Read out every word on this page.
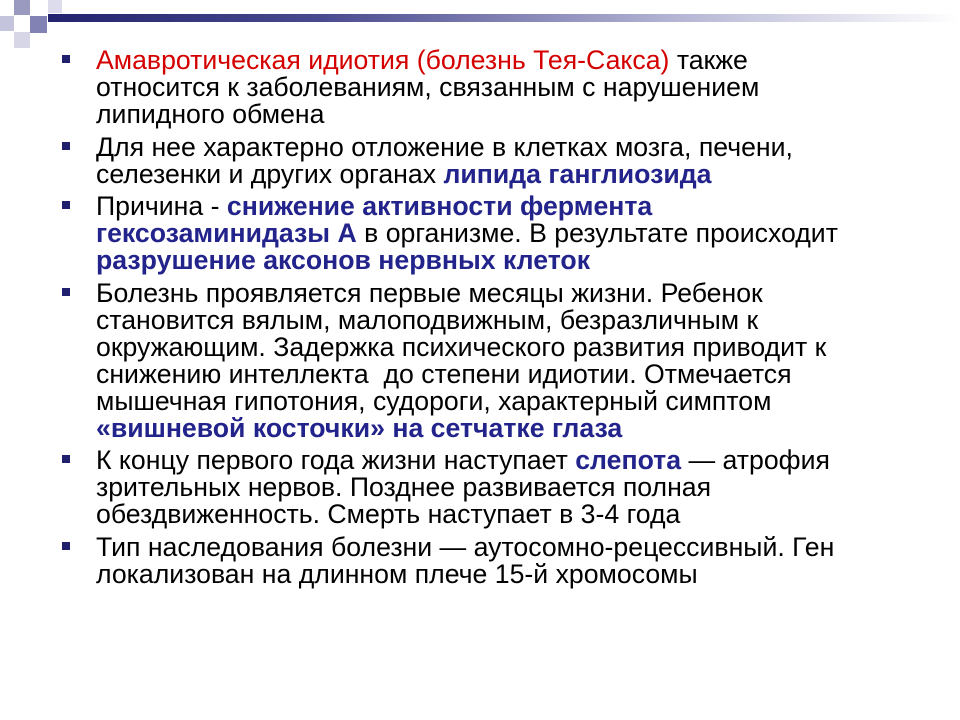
Амавротическая идиотия (болезнь Тея-Сакса) также
относится к заболеваниям, связанным с нарушением
липидного обмена
Для нее характерно отложение в клетках мозга, печени,
селезенки и других органах липида ганглиозида
Причина - снижение активности фермента
гексозаминидазы А в организме. В результате происходит
разрушение аксонов нервных клеток
Болезнь проявляется первые месяцы жизни. Ребенок
становится вялым, малоподвижным, безразличным к
окружающим. Задержка психического развития приводит к
снижению интеллекта  до степени идиотии. Отмечается
мышечная гипотония, судороги, характерный симптом
«вишневой косточки» на сетчатке глаза
К концу первого года жизни наступает слепота — атрофия
зрительных нервов. Позднее развивается полная
обездвиженность. Смерть наступает в 3-4 года
Тип наследования болезни — аутосомно-рецессивный. Ген
локализован на длинном плече 15-й хромосомы
